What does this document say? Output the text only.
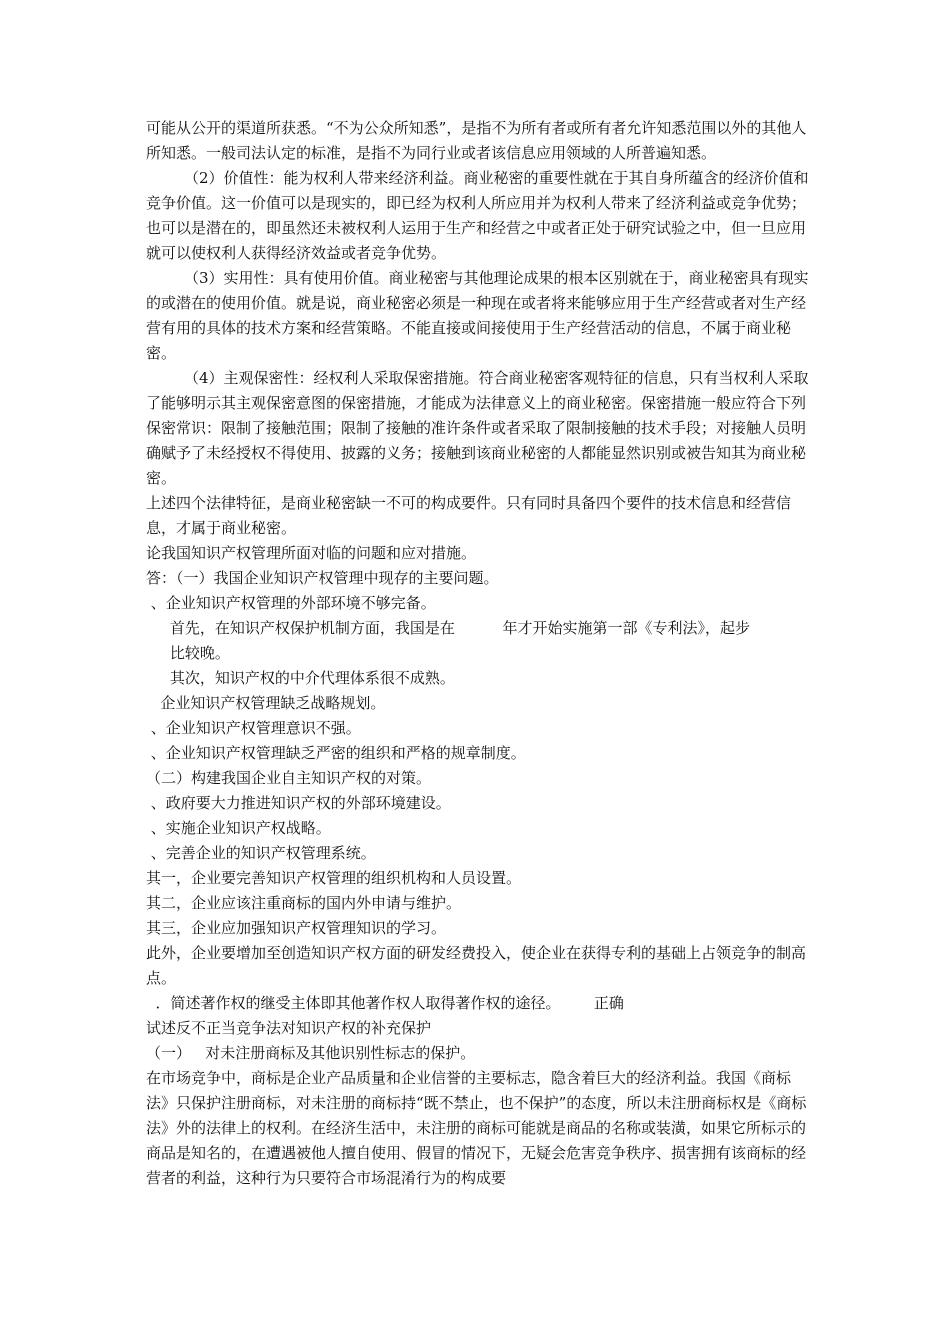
可能从公开的渠道所获悉。“不为公众所知悉”，是指不为所有者或所有者允许知悉范围以外的其他人所知悉。一般司法认定的标准，是指不为同行业或者该信息应用领域的人所普遍知悉。

（2）价值性：能为权利人带来经济利益。商业秘密的重要性就在于其自身所蕴含的经济价值和竞争价值。这一价值可以是现实的，即已经为权利人所应用并为权利人带来了经济利益或竞争优势；也可以是潜在的，即虽然还未被权利人运用于生产和经营之中或者正处于研究试验之中，但一旦应用就可以使权利人获得经济效益或者竞争优势。

（3）实用性：具有使用价值。商业秘密与其他理论成果的根本区别就在于，商业秘密具有现实的或潜在的使用价值。就是说，商业秘密必须是一种现在或者将来能够应用于生产经营或者对生产经营有用的具体的技术方案和经营策略。不能直接或间接使用于生产经营活动的信息，不属于商业秘密。

（4）主观保密性：经权利人采取保密措施。符合商业秘密客观特征的信息，只有当权利人采取了能够明示其主观保密意图的保密措施，才能成为法律意义上的商业秘密。保密措施一般应符合下列保密常识：限制了接触范围；限制了接触的准许条件或者采取了限制接触的技术手段；对接触人员明确赋予了未经授权不得使用、披露的义务；接触到该商业秘密的人都能显然识别或被告知其为商业秘密。

上述四个法律特征，是商业秘密缺一不可的构成要件。只有同时具备四个要件的技术信息和经营信息，才属于商业秘密。

论我国知识产权管理所面对临的问题和应对措施。

答：（一）我国企业知识产权管理中现存的主要问题。

、企业知识产权管理的外部环境不够完备。

首先，在知识产权保护机制方面，我国是在          年才开始实施第一部《专利法》，起步

比较晚。

其次，知识产权的中介代理体系很不成熟。

企业知识产权管理缺乏战略规划。

、企业知识产权管理意识不强。

、企业知识产权管理缺乏严密的组织和严格的规章制度。

（二）构建我国企业自主知识产权的对策。

、政府要大力推进知识产权的外部环境建设。

、实施企业知识产权战略。

、完善企业的知识产权管理系统。

其一，企业要完善知识产权管理的组织机构和人员设置。

其二，企业应该注重商标的国内外申请与维护。

其三，企业应加强知识产权管理知识的学习。

此外，企业要增加至创造知识产权方面的研发经费投入，使企业在获得专利的基础上占领竞争的制高点。

．简述著作权的继受主体即其他著作权人取得著作权的途径。       正确

试述反不正当竞争法对知识产权的补充保护

（一）   对未注册商标及其他识别性标志的保护。

在市场竞争中，商标是企业产品质量和企业信誉的主要标志，隐含着巨大的经济利益。我国《商标法》只保护注册商标，对未注册的商标持“既不禁止，也不保护”的态度，所以未注册商标权是《商标法》外的法律上的权利。在经济生活中，未注册的商标可能就是商品的名称或装潢，如果它所标示的商品是知名的，在遭遇被他人擅自使用、假冒的情况下，无疑会危害竞争秩序、损害拥有该商标的经营者的利益，这种行为只要符合市场混淆行为的构成要
